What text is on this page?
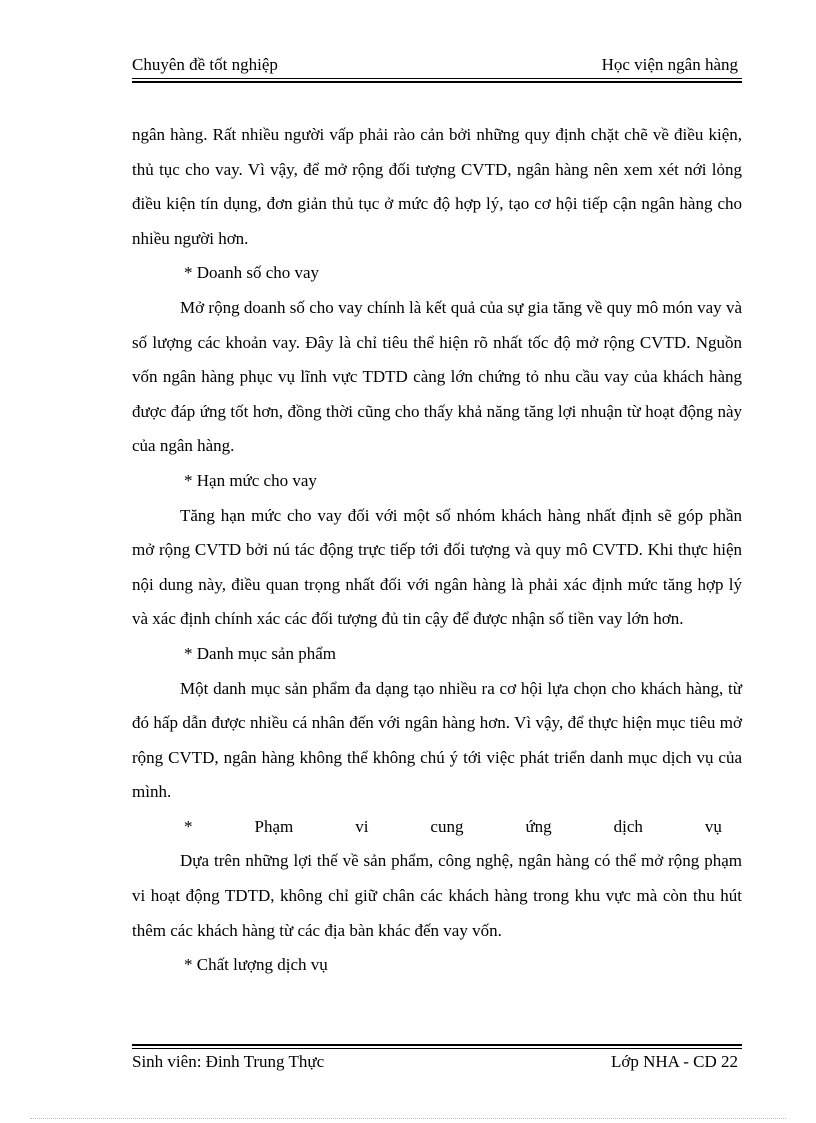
Chuyên đề tốt nghiệp	Học viện ngân hàng

ngân hàng. Rất nhiều người vấp phải rào cản bởi những quy định chặt chẽ về điều kiện, thủ tục cho vay. Vì vậy, để mở rộng đối tượng CVTD, ngân hàng nên xem xét nới lỏng điều kiện tín dụng, đơn giản thủ tục ở mức độ hợp lý, tạo cơ hội tiếp cận ngân hàng cho nhiều người hơn.

* Doanh số cho vay

Mở rộng doanh số cho vay chính là kết quả của sự gia tăng về quy mô món vay và số lượng các khoản vay. Đây là chỉ tiêu thể hiện rõ nhất tốc độ mở rộng CVTD. Nguồn vốn ngân hàng phục vụ lĩnh vực TDTD càng lớn chứng tỏ nhu cầu vay của khách hàng được đáp ứng tốt hơn, đồng thời cũng cho thấy khả năng tăng lợi nhuận từ hoạt động này của ngân hàng.

* Hạn mức cho vay

Tăng hạn mức cho vay đối với một số nhóm khách hàng nhất định sẽ góp phần mở rộng CVTD bởi nú tác động trực tiếp tới đối tượng và quy mô CVTD. Khi thực hiện nội dung này, điều quan trọng nhất đối với ngân hàng là phải xác định mức tăng hợp lý và xác định chính xác các đối tượng đủ tin cậy để được nhận số tiền vay lớn hơn.

* Danh mục sản phẩm

Một danh mục sản phẩm đa dạng tạo nhiều ra cơ hội lựa chọn cho khách hàng, từ đó hấp dẫn được nhiều cá nhân đến với ngân hàng hơn. Vì vậy, để thực hiện mục tiêu mở rộng CVTD, ngân hàng không thể không chú ý tới việc phát triển danh mục dịch vụ của mình.

*	Phạm	vi	cung	ứng	dịch	vụ

Dựa trên những lợi thế về sản phẩm, công nghệ, ngân hàng có thể mở rộng phạm vi hoạt động TDTD, không chỉ giữ chân các khách hàng trong khu vực mà còn thu hút thêm các khách hàng từ các địa bàn khác đến vay vốn.

* Chất lượng dịch vụ

Sinh viên: Đinh Trung Thực	Lớp NHA - CD 22
